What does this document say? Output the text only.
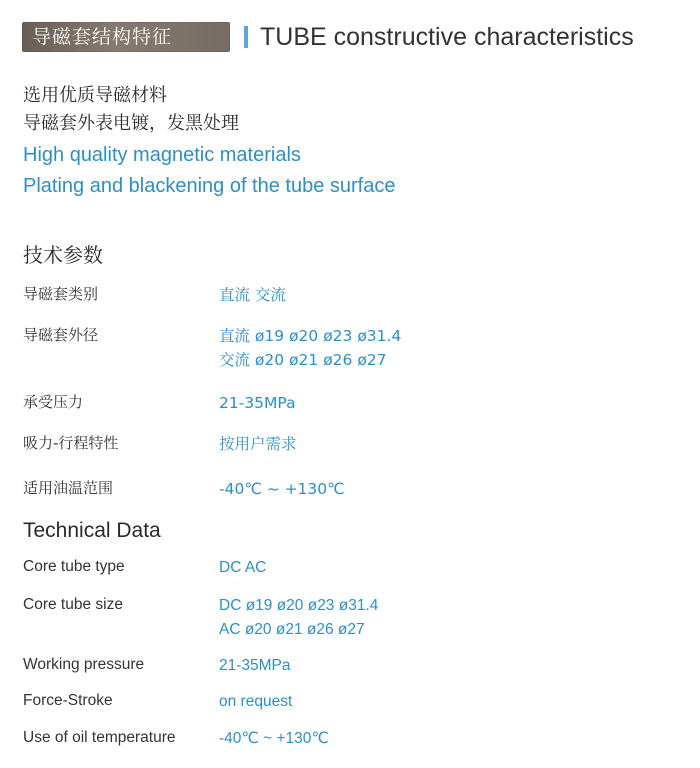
导磁套结构特征	TUBE constructive characteristics
选用优质导磁材料
导磁套外表电镀，发黑处理
High quality magnetic materials
Plating and blackening of the tube surface
技术参数
导磁套类别	直流 交流
导磁套外径	直流 ø19 ø20 ø23 ø31.4
交流 ø20 ø21 ø26 ø27
承受压力	21-35MPa
吸力-行程特性	按用户需求
适用油温范围	-40℃ ~ +130℃
Technical Data
Core tube type	DC AC
Core tube size	DC ø19 ø20 ø23 ø31.4
AC ø20 ø21 ø26 ø27
Working pressure	21-35MPa
Force-Stroke	on request
Use of oil temperature	-40℃ ~ +130℃
